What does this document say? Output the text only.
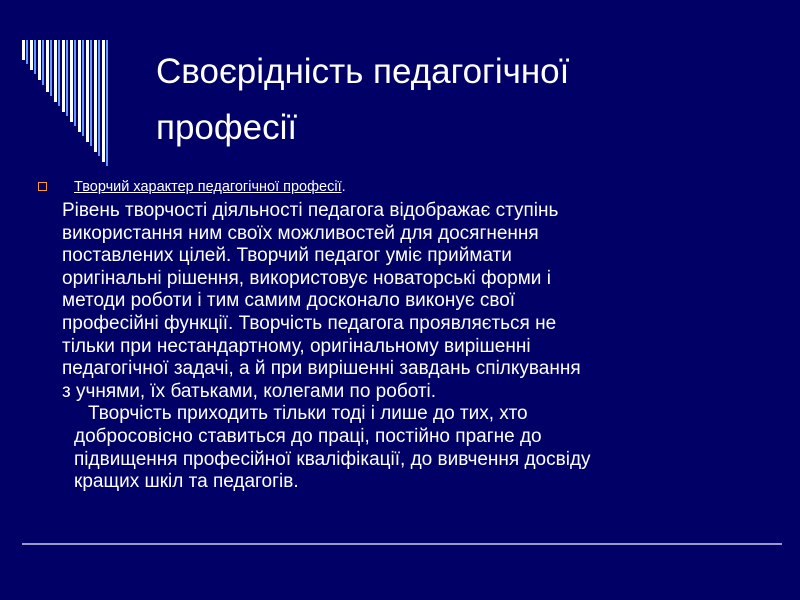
Своєрідність педагогічної
професії
Творчий характер педагогічної професії.

Рівень творчості діяльності педагога відображає ступінь
використання ним своїх можливостей для досягнення
поставлених цілей. Творчий педагог уміє приймати
оригінальні рішення, використовує новаторські форми і
методи роботи і тим самим досконало виконує свої
професійні функції. Творчість педагога проявляється не
тільки при нестандартному, оригінальному вирішенні
педагогічної задачі, а й при вирішенні завдань спілкування
з учнями, їх батьками, колегами по роботі.

Творчість приходить тільки тоді і лише до тих, хто
добросовісно ставиться до праці, постійно прагне до
підвищення професійної кваліфікації, до вивчення досвіду
кращих шкіл та педагогів.
